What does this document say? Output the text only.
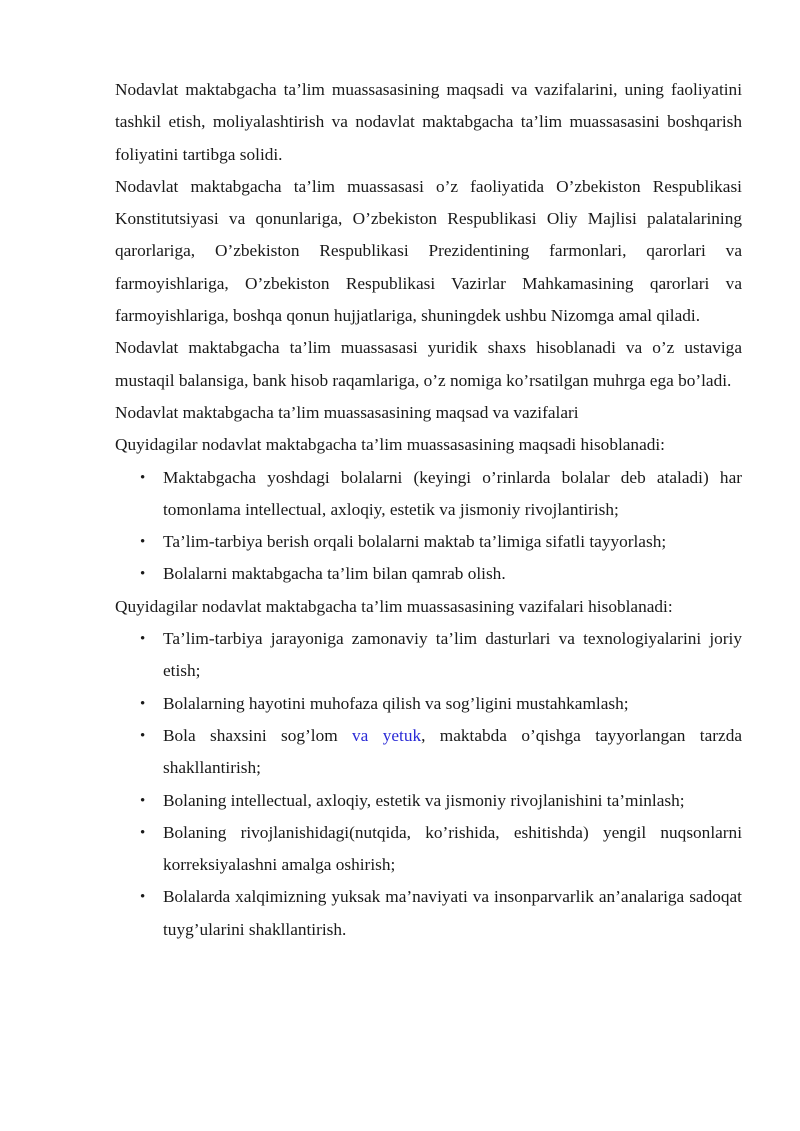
Nodavlat maktabgacha ta’lim muassasasining maqsadi va vazifalarini, uning faoliyatini tashkil etish, moliyalashtirish va nodavlat maktabgacha ta’lim muassasasini boshqarish foliyatini tartibga solidi.

Nodavlat maktabgacha ta’lim muassasasi o’z faoliyatida O’zbekiston Respublikasi Konstitutsiyasi va qonunlariga, O’zbekiston Respublikasi Oliy Majlisi palatalarining qarorlariga, O’zbekiston Respublikasi Prezidentining farmonlari, qarorlari va farmoyishlariga, O’zbekiston Respublikasi Vazirlar Mahkamasining qarorlari va farmoyishlariga, boshqa qonun hujjatlariga, shuningdek ushbu Nizomga amal qiladi.

Nodavlat maktabgacha ta’lim muassasasi yuridik shaxs hisoblanadi va o’z ustaviga mustaqil balansiga, bank hisob raqamlariga, o’z nomiga ko’rsatilgan muhrga ega bo’ladi.

Nodavlat maktabgacha ta’lim muassasasining maqsad va vazifalari

Quyidagilar nodavlat maktabgacha ta’lim muassasasining maqsadi hisoblanadi:

• Maktabgacha yoshdagi bolalarni (keyingi o’rinlarda bolalar deb ataladi) har tomonlama intellectual, axloqiy, estetik va jismoniy rivojlantirish;
• Ta’lim-tarbiya berish orqali bolalarni maktab ta’limiga sifatli tayyorlash;
• Bolalarni maktabgacha ta’lim bilan qamrab olish.

Quyidagilar nodavlat maktabgacha ta’lim muassasasining vazifalari hisoblanadi:

• Ta’lim-tarbiya jarayoniga zamonaviy ta’lim dasturlari va texnologiyalarini joriy etish;
• Bolalarning hayotini muhofaza qilish va sog’ligini mustahkamlash;
• Bola shaxsini sog’lom va yetuk, maktabda o’qishga tayyorlangan tarzda shakllantirish;
• Bolaning intellectual, axloqiy, estetik va jismoniy rivojlanishini ta’minlash;
• Bolaning rivojlanishidagi(nutqida, ko’rishida, eshitishda) yengil nuqsonlarni korreksiyalashni amalga oshirish;
• Bolalarda xalqimizning yuksak ma’naviyati va insonparvarlik an’analariga sadoqat tuyg’ularini shakllantirish.
